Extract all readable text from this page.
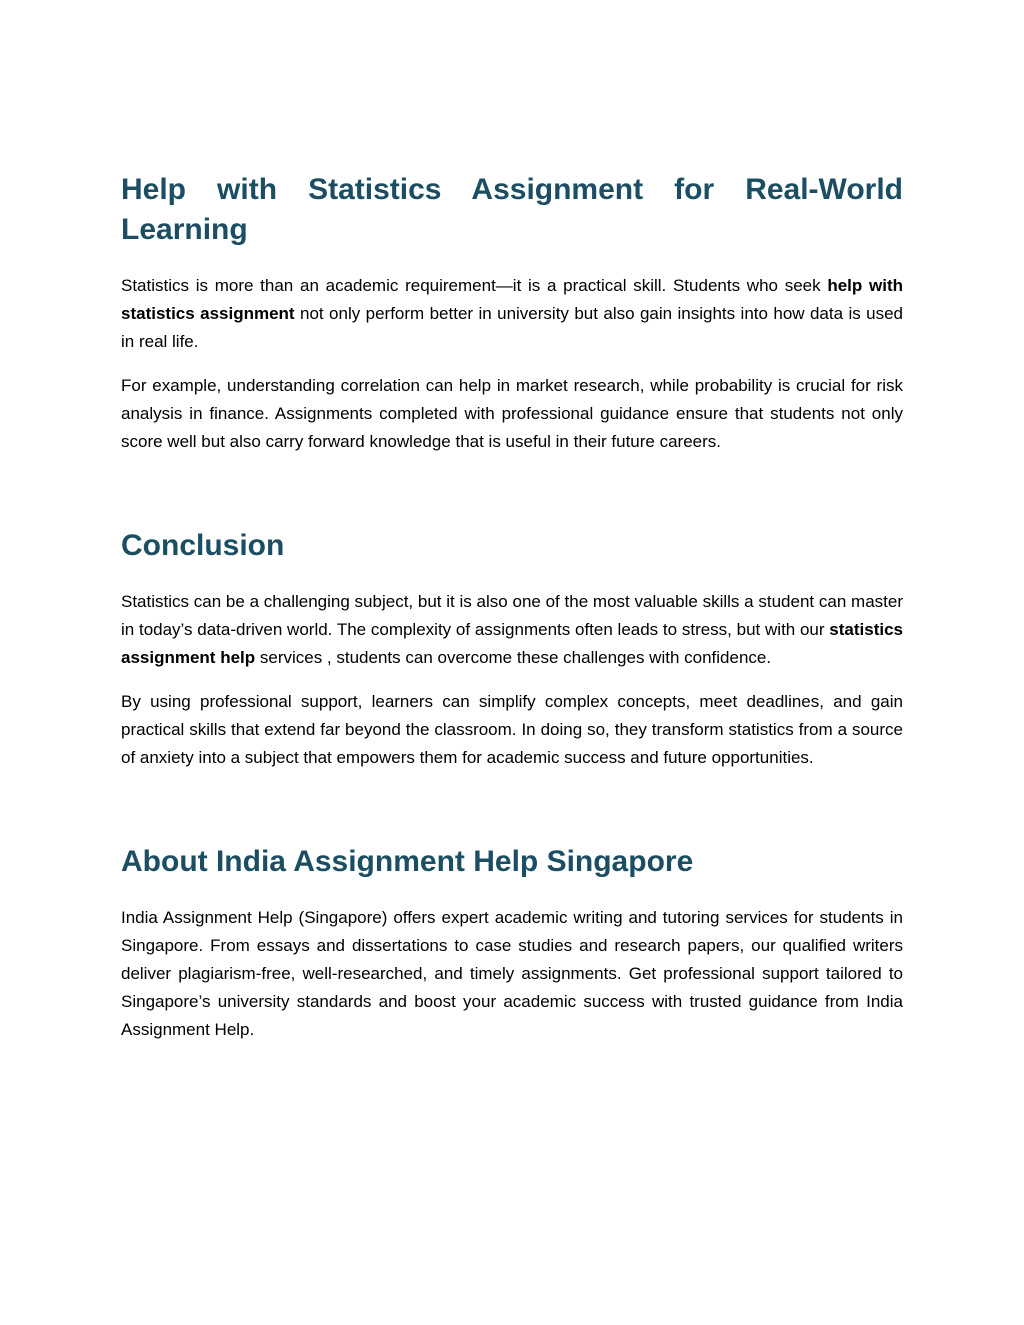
Help with Statistics Assignment for Real-World Learning

Statistics is more than an academic requirement—it is a practical skill. Students who seek help with statistics assignment not only perform better in university but also gain insights into how data is used in real life.

For example, understanding correlation can help in market research, while probability is crucial for risk analysis in finance. Assignments completed with professional guidance ensure that students not only score well but also carry forward knowledge that is useful in their future careers.

Conclusion

Statistics can be a challenging subject, but it is also one of the most valuable skills a student can master in today’s data-driven world. The complexity of assignments often leads to stress, but with our statistics assignment help services , students can overcome these challenges with confidence.

By using professional support, learners can simplify complex concepts, meet deadlines, and gain practical skills that extend far beyond the classroom. In doing so, they transform statistics from a source of anxiety into a subject that empowers them for academic success and future opportunities.

About India Assignment Help Singapore

India Assignment Help (Singapore) offers expert academic writing and tutoring services for students in Singapore. From essays and dissertations to case studies and research papers, our qualified writers deliver plagiarism-free, well-researched, and timely assignments. Get professional support tailored to Singapore’s university standards and boost your academic success with trusted guidance from India Assignment Help.
